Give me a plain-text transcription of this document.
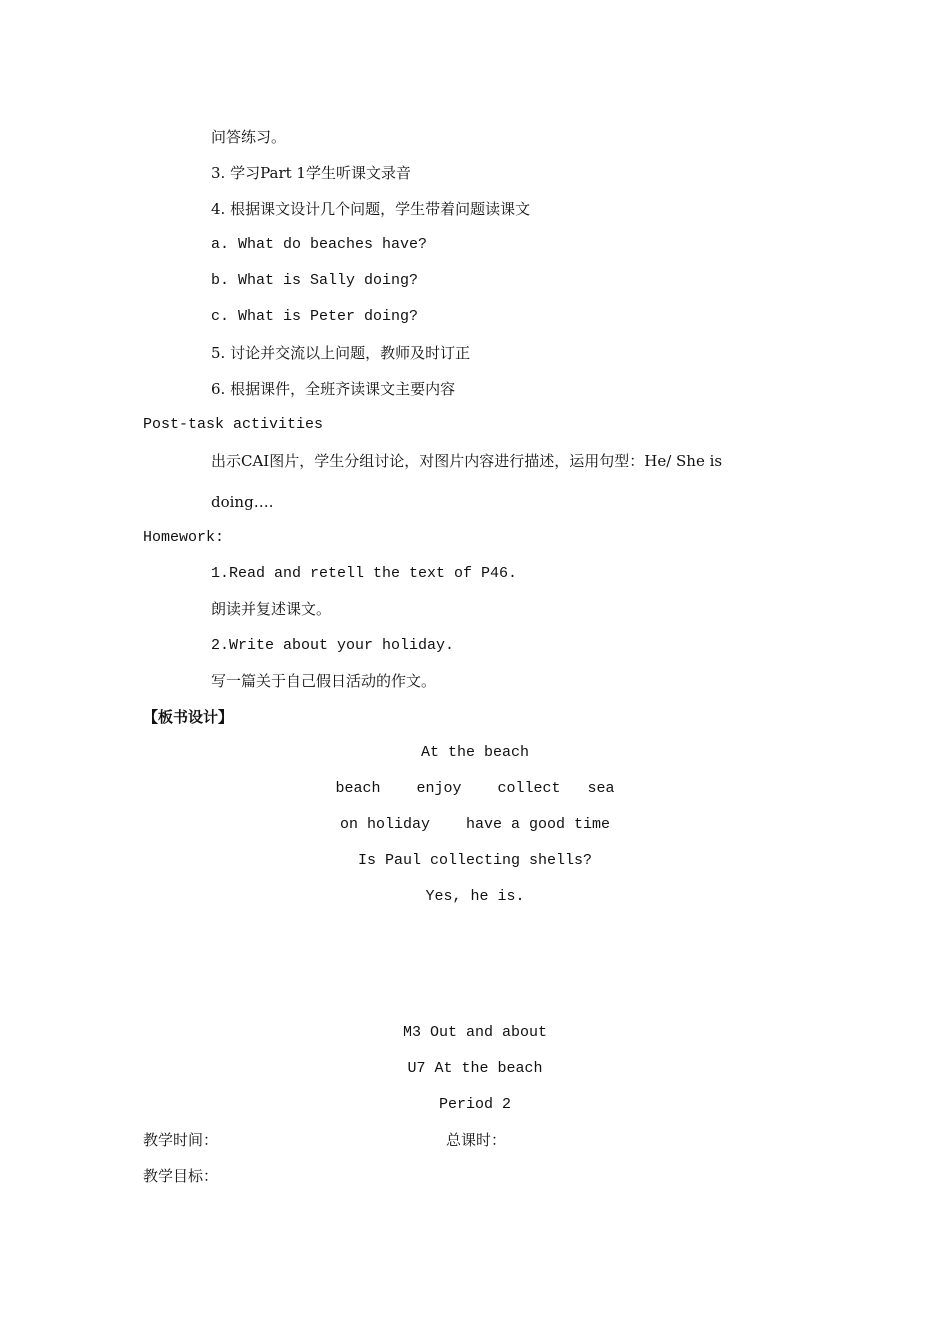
问答练习。
3. 学习Part 1学生听课文录音
4. 根据课文设计几个问题，学生带着问题读课文
a. What do beaches have?
b. What is Sally doing?
c. What is Peter doing?
5. 讨论并交流以上问题，教师及时订正
6. 根据课件，全班齐读课文主要内容
Post-task activities
出示CAI图片，学生分组讨论，对图片内容进行描述，运用句型：He/ She is
doing….
Homework:
1.Read and retell the text of P46.
朗读并复述课文。
2.Write about your holiday.
写一篇关于自己假日活动的作文。
【板书设计】
At the beach
beach    enjoy    collect   sea
on holiday    have a good time
Is Paul collecting shells?
Yes, he is.
M3 Out and about
U7 At the beach
Period 2
教学时间：	总课时：
教学目标：
